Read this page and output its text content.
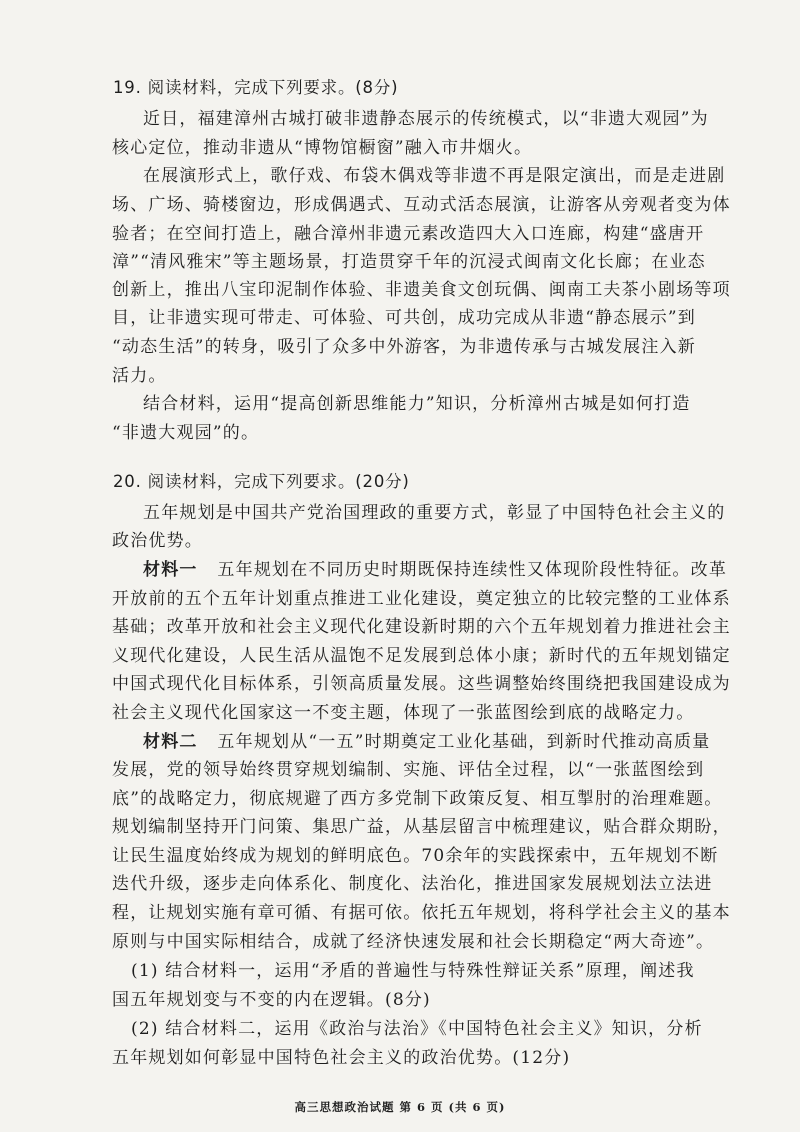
19. 阅读材料，完成下列要求。(8分)
近日，福建漳州古城打破非遗静态展示的传统模式，以“非遗大观园”为
核心定位，推动非遗从“博物馆橱窗”融入市井烟火。
在展演形式上，歌仔戏、布袋木偶戏等非遗不再是限定演出，而是走进剧
场、广场、骑楼窗边，形成偶遇式、互动式活态展演，让游客从旁观者变为体
验者；在空间打造上，融合漳州非遗元素改造四大入口连廊，构建“盛唐开
漳”“清风雅宋”等主题场景，打造贯穿千年的沉浸式闽南文化长廊；在业态
创新上，推出八宝印泥制作体验、非遗美食文创玩偶、闽南工夫茶小剧场等项
目，让非遗实现可带走、可体验、可共创，成功完成从非遗“静态展示”到
“动态生活”的转身，吸引了众多中外游客，为非遗传承与古城发展注入新
活力。
结合材料，运用“提高创新思维能力”知识，分析漳州古城是如何打造
“非遗大观园”的。
20. 阅读材料，完成下列要求。(20分)
五年规划是中国共产党治国理政的重要方式，彰显了中国特色社会主义的
政治优势。
材料一 五年规划在不同历史时期既保持连续性又体现阶段性特征。改革
开放前的五个五年计划重点推进工业化建设，奠定独立的比较完整的工业体系
基础；改革开放和社会主义现代化建设新时期的六个五年规划着力推进社会主
义现代化建设，人民生活从温饱不足发展到总体小康；新时代的五年规划锚定
中国式现代化目标体系，引领高质量发展。这些调整始终围绕把我国建设成为
社会主义现代化国家这一不变主题，体现了一张蓝图绘到底的战略定力。
材料二 五年规划从“一五”时期奠定工业化基础，到新时代推动高质量
发展，党的领导始终贯穿规划编制、实施、评估全过程，以“一张蓝图绘到
底”的战略定力，彻底规避了西方多党制下政策反复、相互掣肘的治理难题。
规划编制坚持开门问策、集思广益，从基层留言中梳理建议，贴合群众期盼，
让民生温度始终成为规划的鲜明底色。70余年的实践探索中，五年规划不断
迭代升级，逐步走向体系化、制度化、法治化，推进国家发展规划法立法进
程，让规划实施有章可循、有据可依。依托五年规划，将科学社会主义的基本
原则与中国实际相结合，成就了经济快速发展和社会长期稳定“两大奇迹”。
(1) 结合材料一，运用“矛盾的普遍性与特殊性辩证关系”原理，阐述我
国五年规划变与不变的内在逻辑。(8分)
(2) 结合材料二，运用《政治与法治》《中国特色社会主义》知识，分析
五年规划如何彰显中国特色社会主义的政治优势。(12分)
高三思想政治试题 第 6 页 (共 6 页)
